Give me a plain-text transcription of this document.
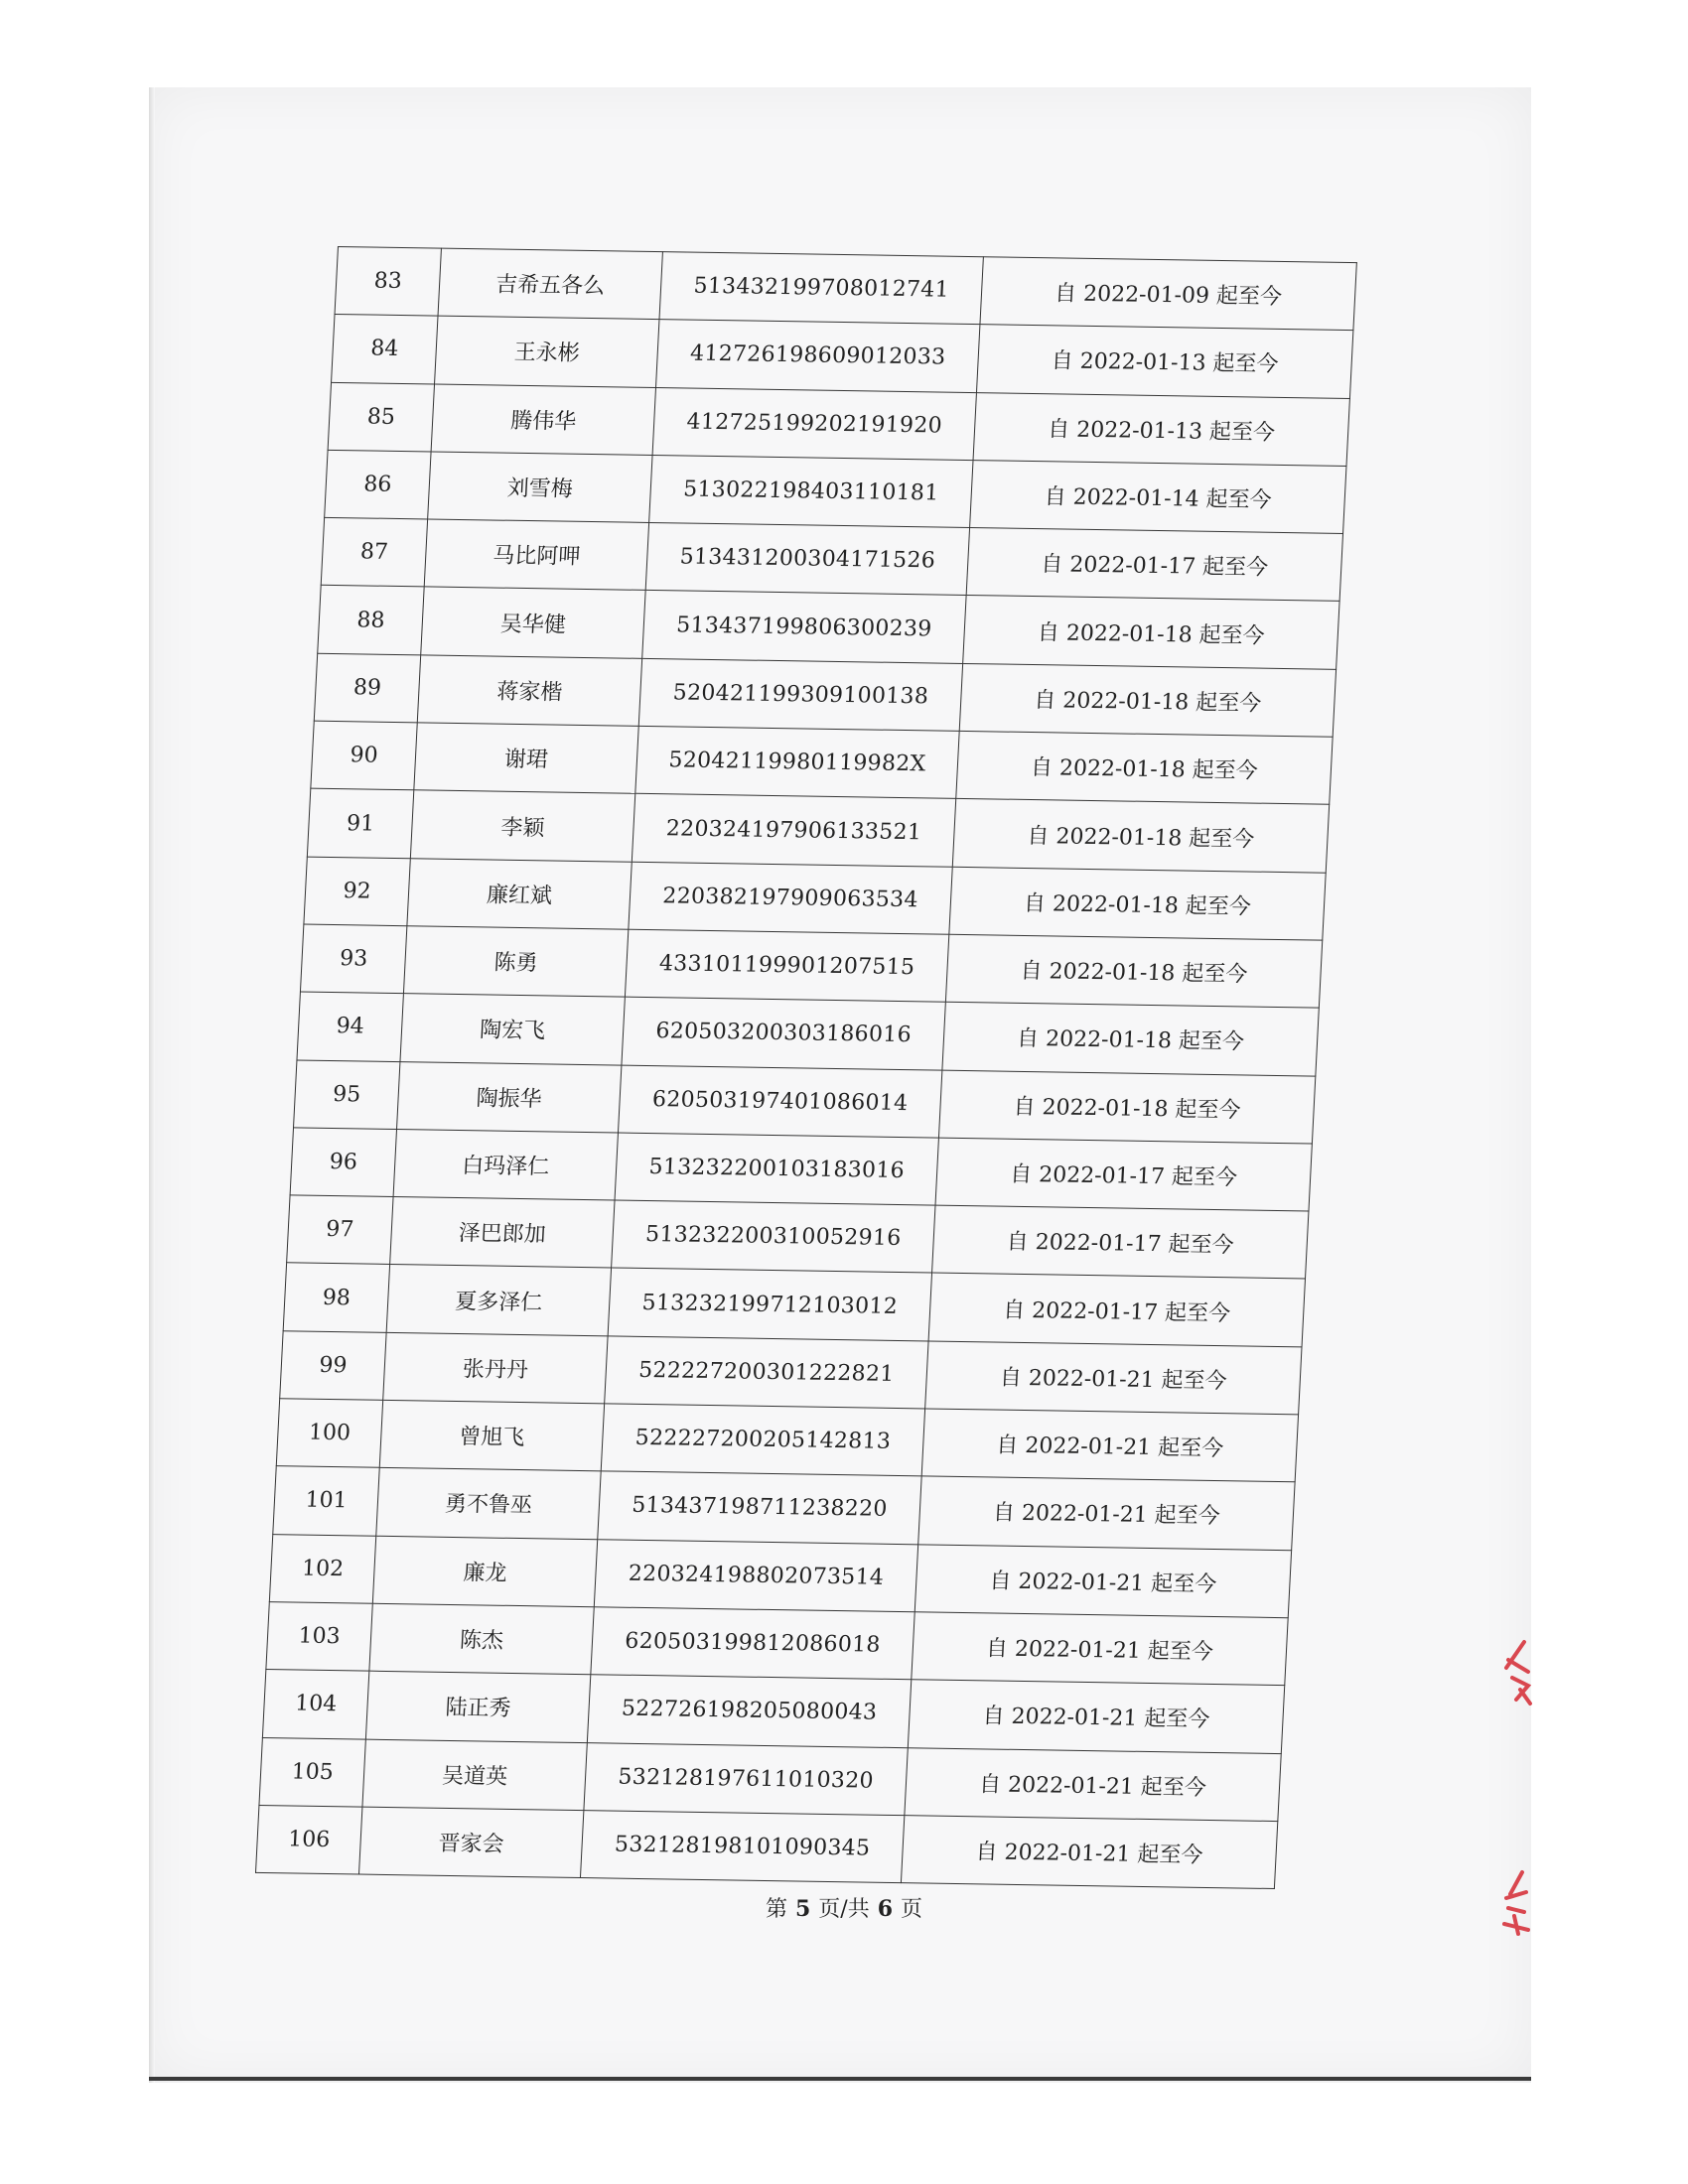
83	吉希五各么	513432199708012741	自 2022-01-09 起至今
84	王永彬	412726198609012033	自 2022-01-13 起至今
85	腾伟华	412725199202191920	自 2022-01-13 起至今
86	刘雪梅	513022198403110181	自 2022-01-14 起至今
87	马比阿呷	513431200304171526	自 2022-01-17 起至今
88	吴华健	513437199806300239	自 2022-01-18 起至今
89	蒋家楷	520421199309100138	自 2022-01-18 起至今
90	谢珺	52042119980119982X	自 2022-01-18 起至今
91	李颖	220324197906133521	自 2022-01-18 起至今
92	廉红斌	220382197909063534	自 2022-01-18 起至今
93	陈勇	433101199901207515	自 2022-01-18 起至今
94	陶宏飞	620503200303186016	自 2022-01-18 起至今
95	陶振华	620503197401086014	自 2022-01-18 起至今
96	白玛泽仁	513232200103183016	自 2022-01-17 起至今
97	泽巴郎加	513232200310052916	自 2022-01-17 起至今
98	夏多泽仁	513232199712103012	自 2022-01-17 起至今
99	张丹丹	522227200301222821	自 2022-01-21 起至今
100	曾旭飞	522227200205142813	自 2022-01-21 起至今
101	勇不鲁巫	513437198711238220	自 2022-01-21 起至今
102	廉龙	220324198802073514	自 2022-01-21 起至今
103	陈杰	620503199812086018	自 2022-01-21 起至今
104	陆正秀	522726198205080043	自 2022-01-21 起至今
105	吴道英	532128197611010320	自 2022-01-21 起至今
106	晋家会	532128198101090345	自 2022-01-21 起至今
第 5 页/共 6 页
